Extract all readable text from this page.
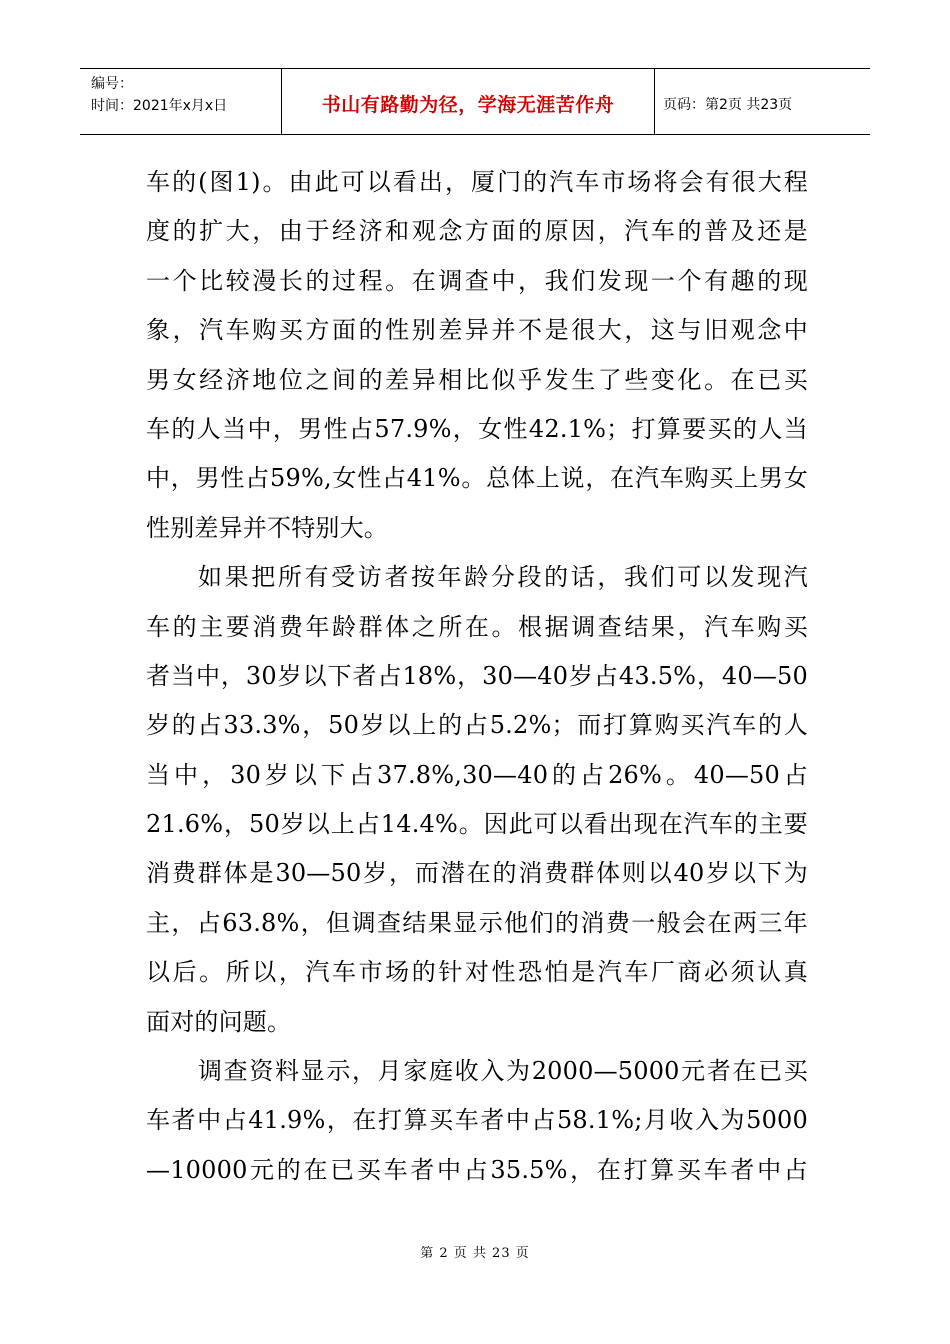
编号：
时间：2021年x月x日	书山有路勤为径，学海无涯苦作舟	页码：第2页 共23页
车的(图1)。由此可以看出，厦门的汽车市场将会有很大程
度的扩大，由于经济和观念方面的原因，汽车的普及还是
一个比较漫长的过程。在调查中，我们发现一个有趣的现
象，汽车购买方面的性别差异并不是很大，这与旧观念中
男女经济地位之间的差异相比似乎发生了些变化。在已买
车的人当中，男性占57.9%，女性42.1%；打算要买的人当
中，男性占59%,女性占41%。总体上说，在汽车购买上男女
性别差异并不特别大。
如果把所有受访者按年龄分段的话，我们可以发现汽
车的主要消费年龄群体之所在。根据调查结果，汽车购买
者当中，30岁以下者占18%，30—40岁占43.5%，40—50
岁的占33.3%，50岁以上的占5.2%；而打算购买汽车的人
当中，30岁以下占37.8%,30—40的占26%。40—50占
21.6%，50岁以上占14.4%。因此可以看出现在汽车的主要
消费群体是30—50岁，而潜在的消费群体则以40岁以下为
主，占63.8%，但调查结果显示他们的消费一般会在两三年
以后。所以，汽车市场的针对性恐怕是汽车厂商必须认真
面对的问题。
调查资料显示，月家庭收入为2000—5000元者在已买
车者中占41.9%，在打算买车者中占58.1%;月收入为5000
—10000元的在已买车者中占35.5%，在打算买车者中占
第 2 页 共 23 页
